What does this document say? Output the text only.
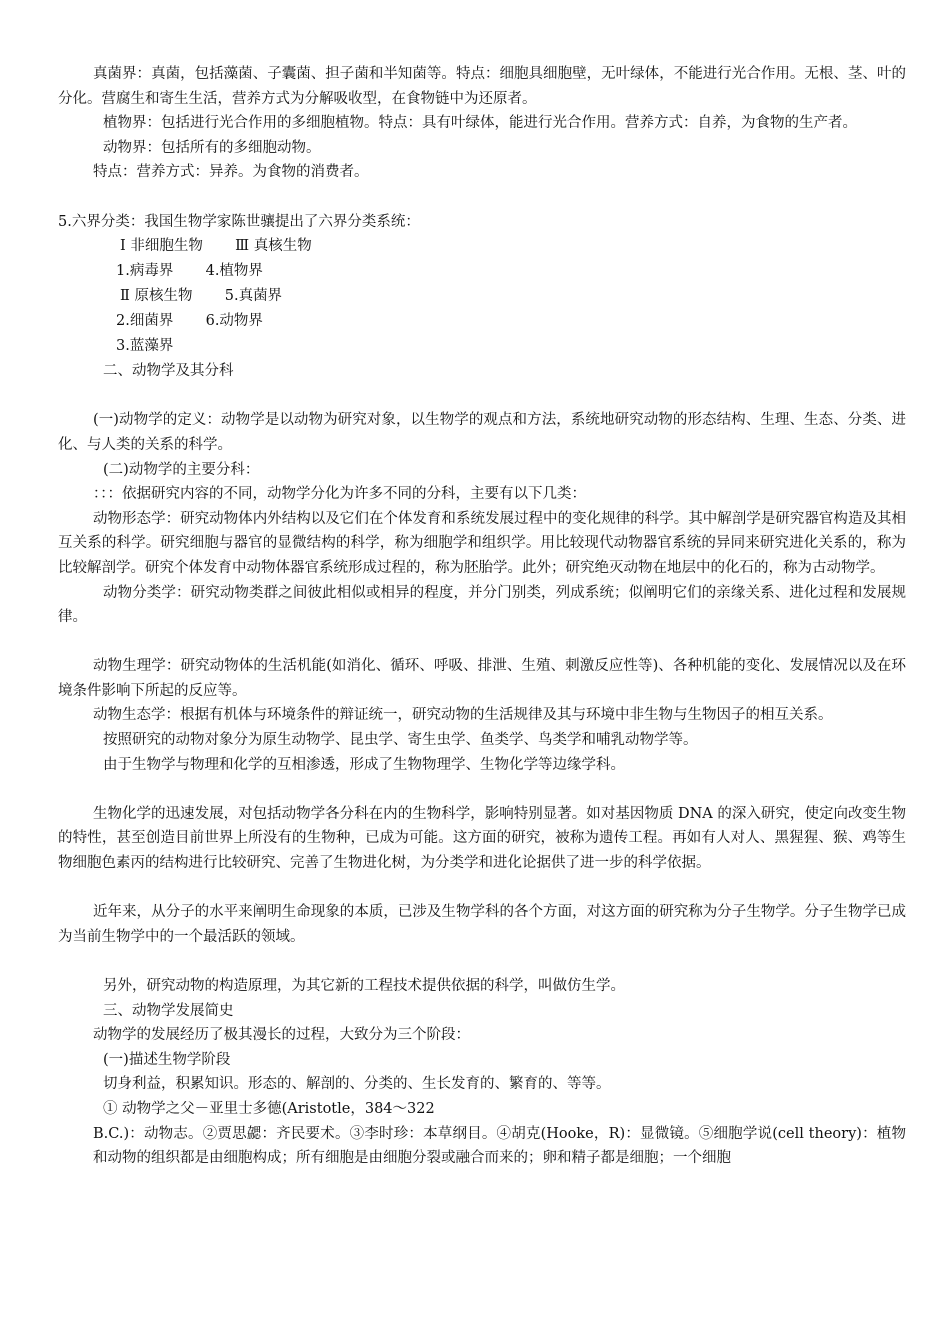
真菌界：真菌，包括藻菌、子囊菌、担子菌和半知菌等。特点：细胞具细胞壁，无叶绿体，不能进行光合作用。无根、茎、叶的分化。营腐生和寄生生活，营养方式为分解吸收型，在食物链中为还原者。

植物界：包括进行光合作用的多细胞植物。特点：具有叶绿体，能进行光合作用。营养方式：自养，为食物的生产者。

动物界：包括所有的多细胞动物。

特点：营养方式：异养。为食物的消费者。

5.六界分类：我国生物学家陈世骧提出了六界分类系统：

Ⅰ 非细胞生物       Ⅲ 真核生物
1.病毒界       4.植物界
Ⅱ 原核生物       5.真菌界
2.细菌界       6.动物界
3.蓝藻界

二、动物学及其分科

(一)动物学的定义：动物学是以动物为研究对象，以生物学的观点和方法，系统地研究动物的形态结构、生理、生态、分类、进化、与人类的关系的科学。

(二)动物学的主要分科：

：：：依据研究内容的不同，动物学分化为许多不同的分科，主要有以下几类：

动物形态学：研究动物体内外结构以及它们在个体发育和系统发展过程中的变化规律的科学。其中解剖学是研究器官构造及其相互关系的科学。研究细胞与器官的显微结构的科学，称为细胞学和组织学。用比较现代动物器官系统的异同来研究进化关系的，称为比较解剖学。研究个体发育中动物体器官系统形成过程的，称为胚胎学。此外；研究绝灭动物在地层中的化石的，称为古动物学。

动物分类学：研究动物类群之间彼此相似或相异的程度，并分门别类，列成系统；似阐明它们的亲缘关系、进化过程和发展规律。

动物生理学：研究动物体的生活机能(如消化、循环、呼吸、排泄、生殖、刺激反应性等)、各种机能的变化、发展情况以及在环境条件影响下所起的反应等。

动物生态学：根据有机体与环境条件的辩证统一，研究动物的生活规律及其与环境中非生物与生物因子的相互关系。

按照研究的动物对象分为原生动物学、昆虫学、寄生虫学、鱼类学、鸟类学和哺乳动物学等。

由于生物学与物理和化学的互相渗透，形成了生物物理学、生物化学等边缘学科。

生物化学的迅速发展，对包括动物学各分科在内的生物科学，影响特别显著。如对基因物质 DNA 的深入研究，使定向改变生物的特性，甚至创造目前世界上所没有的生物种，已成为可能。这方面的研究，被称为遗传工程。再如有人对人、黑猩猩、猴、鸡等生物细胞色素丙的结构进行比较研究、完善了生物进化树，为分类学和进化论据供了进一步的科学依据。

近年来，从分子的水平来阐明生命现象的本质，已涉及生物学科的各个方面，对这方面的研究称为分子生物学。分子生物学已成为当前生物学中的一个最活跃的领域。

另外，研究动物的构造原理，为其它新的工程技术提供依据的科学，叫做仿生学。

三、动物学发展简史

动物学的发展经历了极其漫长的过程，大致分为三个阶段：

(一)描述生物学阶段

切身利益，积累知识。形态的、解剖的、分类的、生长发育的、繁育的、等等。

① 动物学之父－亚里士多德(Aristotle，384～322

B.C.)：动物志。②贾思勰：齐民要术。③李时珍：本草纲目。④胡克(Hooke，R)：显微镜。⑤细胞学说(cell theory)：植物和动物的组织都是由细胞构成；所有细胞是由细胞分裂或融合而来的；卵和精子都是细胞；一个细胞
